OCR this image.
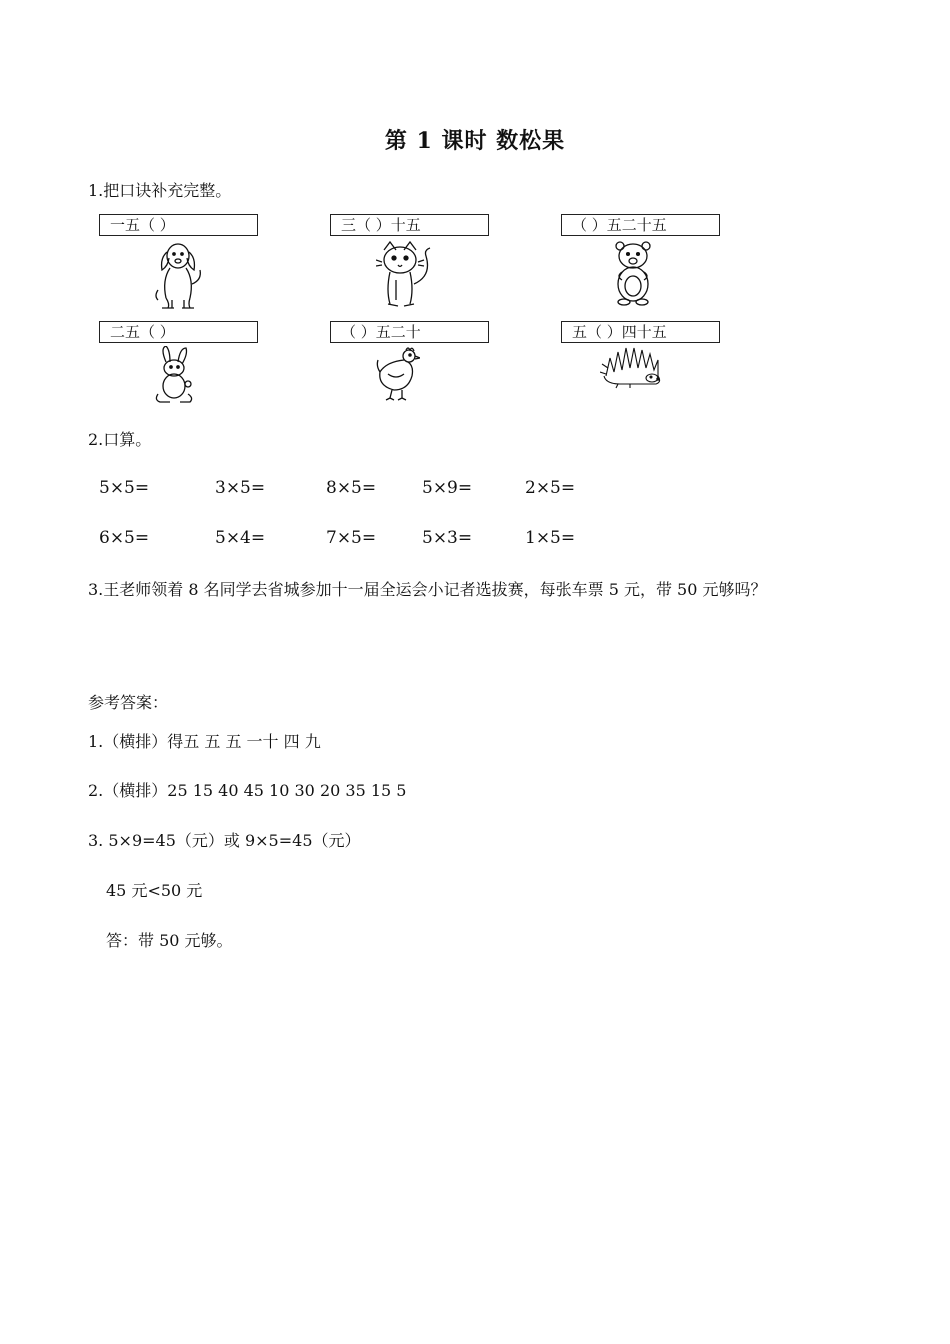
第 1 课时 数松果
1.把口诀补充完整。
一五（ ）	三（ ）十五	（ ）五二十五
二五（ ）	（ ）五二十	五（ ）四十五
2.口算。
5×5=	3×5=	8×5=	5×9=	2×5=
6×5=	5×4=	7×5=	5×3=	1×5=
3.王老师领着 8 名同学去省城参加十一届全运会小记者选拔赛，每张车票 5 元，带 50 元够吗？
参考答案：
1.（横排）得五 五 五 一十 四 九
2.（横排）25 15 40 45 10 30 20 35 15 5
3. 5×9=45（元）或 9×5=45（元）
45 元<50 元
答：带 50 元够。
